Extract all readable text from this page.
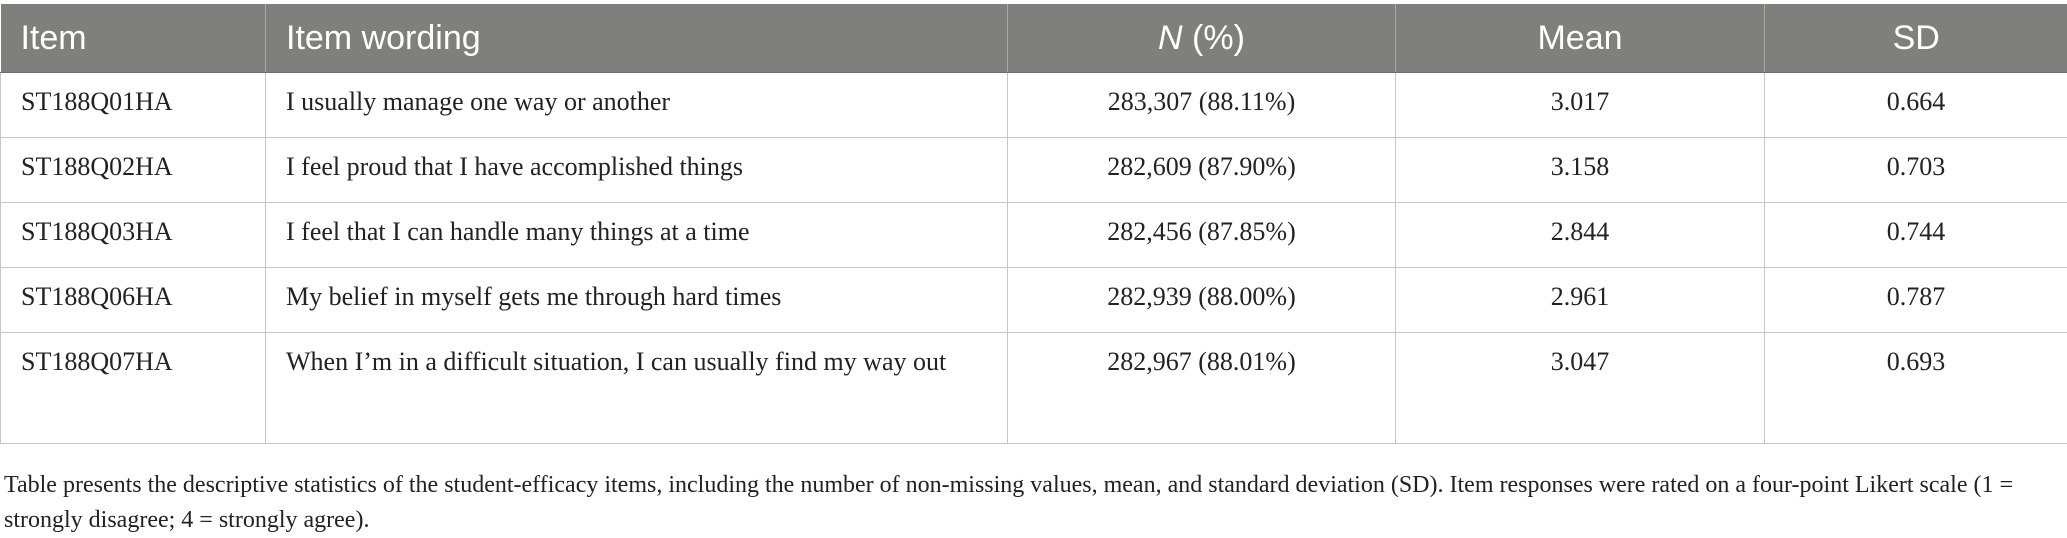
Item	Item wording	N (%)	Mean	SD
ST188Q01HA	I usually manage one way or another	283,307 (88.11%)	3.017	0.664
ST188Q02HA	I feel proud that I have accomplished things	282,609 (87.90%)	3.158	0.703
ST188Q03HA	I feel that I can handle many things at a time	282,456 (87.85%)	2.844	0.744
ST188Q06HA	My belief in myself gets me through hard times	282,939 (88.00%)	2.961	0.787
ST188Q07HA	When I’m in a difficult situation, I can usually find my way out	282,967 (88.01%)	3.047	0.693

Table presents the descriptive statistics of the student-efficacy items, including the number of non-missing values, mean, and standard deviation (SD). Item responses were rated on a four-point Likert scale (1 = strongly disagree; 4 = strongly agree).
